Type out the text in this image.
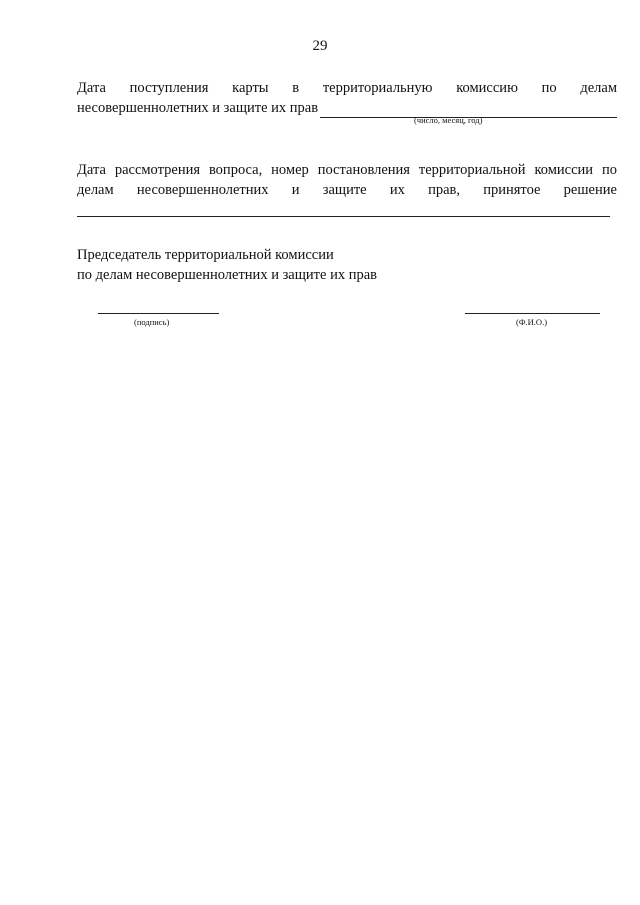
29
Дата поступления карты в территориальную комиссию по делам
несовершеннолетних и защите их прав
(число, месяц, год)
Дата рассмотрения вопроса, номер постановления территориальной комиссии по
делам несовершеннолетних и защите их прав, принятое решение
Председатель территориальной комиссии
по делам несовершеннолетних и защите их прав
(подпись)	(Ф.И.О.)
